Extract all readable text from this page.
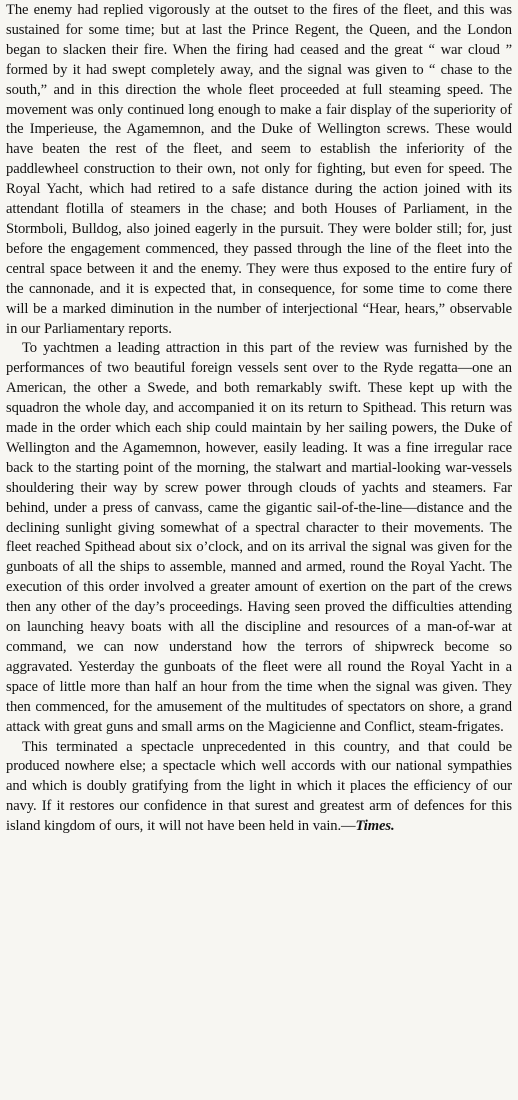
The enemy had replied vigorously at the outset to the fires of the fleet, and this was sustained for some time; but at last the Prince Regent, the Queen, and the London began to slacken their fire. When the firing had ceased and the great “ war cloud ” formed by it had swept completely away, and the signal was given to “ chase to the south,” and in this direction the whole fleet proceeded at full steaming speed. The movement was only continued long enough to make a fair display of the superiority of the Imperieuse, the Agamemnon, and the Duke of Wellington screws. These would have beaten the rest of the fleet, and seem to establish the inferiority of the paddlewheel construction to their own, not only for fighting, but even for speed. The Royal Yacht, which had retired to a safe distance during the action joined with its attendant flotilla of steamers in the chase; and both Houses of Parliament, in the Stormboli, Bulldog, also joined eagerly in the pursuit. They were bolder still; for, just before the engagement commenced, they passed through the line of the fleet into the central space between it and the enemy. They were thus exposed to the entire fury of the cannonade, and it is expected that, in consequence, for some time to come there will be a marked diminution in the number of interjectional “Hear, hears,” observable in our Parliamentary reports.

To yachtmen a leading attraction in this part of the review was furnished by the performances of two beautiful foreign vessels sent over to the Ryde regatta—one an American, the other a Swede, and both remarkably swift. These kept up with the squadron the whole day, and accompanied it on its return to Spithead. This return was made in the order which each ship could maintain by her sailing powers, the Duke of Wellington and the Agamemnon, however, easily leading. It was a fine irregular race back to the starting point of the morning, the stalwart and martial-looking war-vessels shouldering their way by screw power through clouds of yachts and steamers. Far behind, under a press of canvass, came the gigantic sail-of-the-line—distance and the declining sunlight giving somewhat of a spectral character to their movements. The fleet reached Spithead about six o’clock, and on its arrival the signal was given for the gunboats of all the ships to assemble, manned and armed, round the Royal Yacht. The execution of this order involved a greater amount of exertion on the part of the crews then any other of the day’s proceedings. Having seen proved the difficulties attending on launching heavy boats with all the discipline and resources of a man-of-war at command, we can now understand how the terrors of shipwreck become so aggravated. Yesterday the gunboats of the fleet were all round the Royal Yacht in a space of little more than half an hour from the time when the signal was given. They then commenced, for the amusement of the multitudes of spectators on shore, a grand attack with great guns and small arms on the Magicienne and Conflict, steam-frigates.

This terminated a spectacle unprecedented in this country, and that could be produced nowhere else; a spectacle which well accords with our national sympathies and which is doubly gratifying from the light in which it places the efficiency of our navy. If it restores our confidence in that surest and greatest arm of defences for this island kingdom of ours, it will not have been held in vain.—Times.
